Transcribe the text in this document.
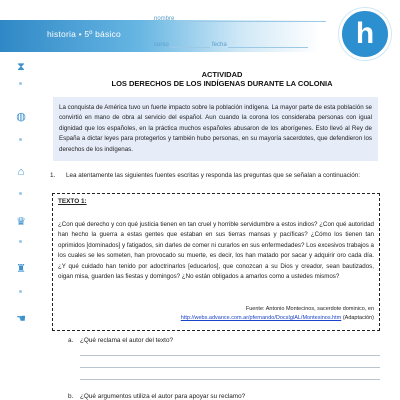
⧗
◍
⌂
♛
♜
☚
historia • 5º básico
nombre
curso	fecha	h
ACTIVIDAD
LOS DERECHOS DE LOS INDÍGENAS DURANTE LA COLONIA
La conquista de América tuvo un fuerte impacto sobre la población indígena. La mayor parte de esta población se convirtió en mano de obra al servicio del español. Aun cuando la corona los consideraba personas con igual dignidad que los españoles, en la práctica muchos españoles abusaron de los aborígenes. Esto llevó al Rey de España a dictar leyes para protegerlos y también hubo personas, en su mayoría sacerdotes, que defendieron los derechos de los indígenas.
1. Lea atentamente las siguientes fuentes escritas y responda las preguntas que se señalan a continuación:
TEXTO 1:
¿Con qué derecho y con qué justicia tienen en tan cruel y horrible servidumbre a estos indios? ¿Con qué autoridad han hecho la guerra a estas gentes que estaban en sus tierras mansas y pacíficas? ¿Cómo los tienen tan oprimidos [dominados] y fatigados, sin darles de comer ni curarlos en sus enfermedades? Los excesivos trabajos a los cuales se les someten, han provocado su muerte, es decir, los han matado por sacar y adquirir oro cada día. ¿Y qué cuidado han tenido por adoctrinarlos [educarlos], que conozcan a su Dios y creador, sean bautizados, oigan misa, guarden las fiestas y domingos? ¿No están obligados a amarlos como a ustedes mismos?
Fuente: Antonio Montecinos, sacerdote dominico, en
http://webs.advance.com.ar/pfernando/DocsIglAL/Montesinos.htm (Adaptación)
a. ¿Qué reclama el autor del texto?
b. ¿Qué argumentos utiliza el autor para apoyar su reclamo?
